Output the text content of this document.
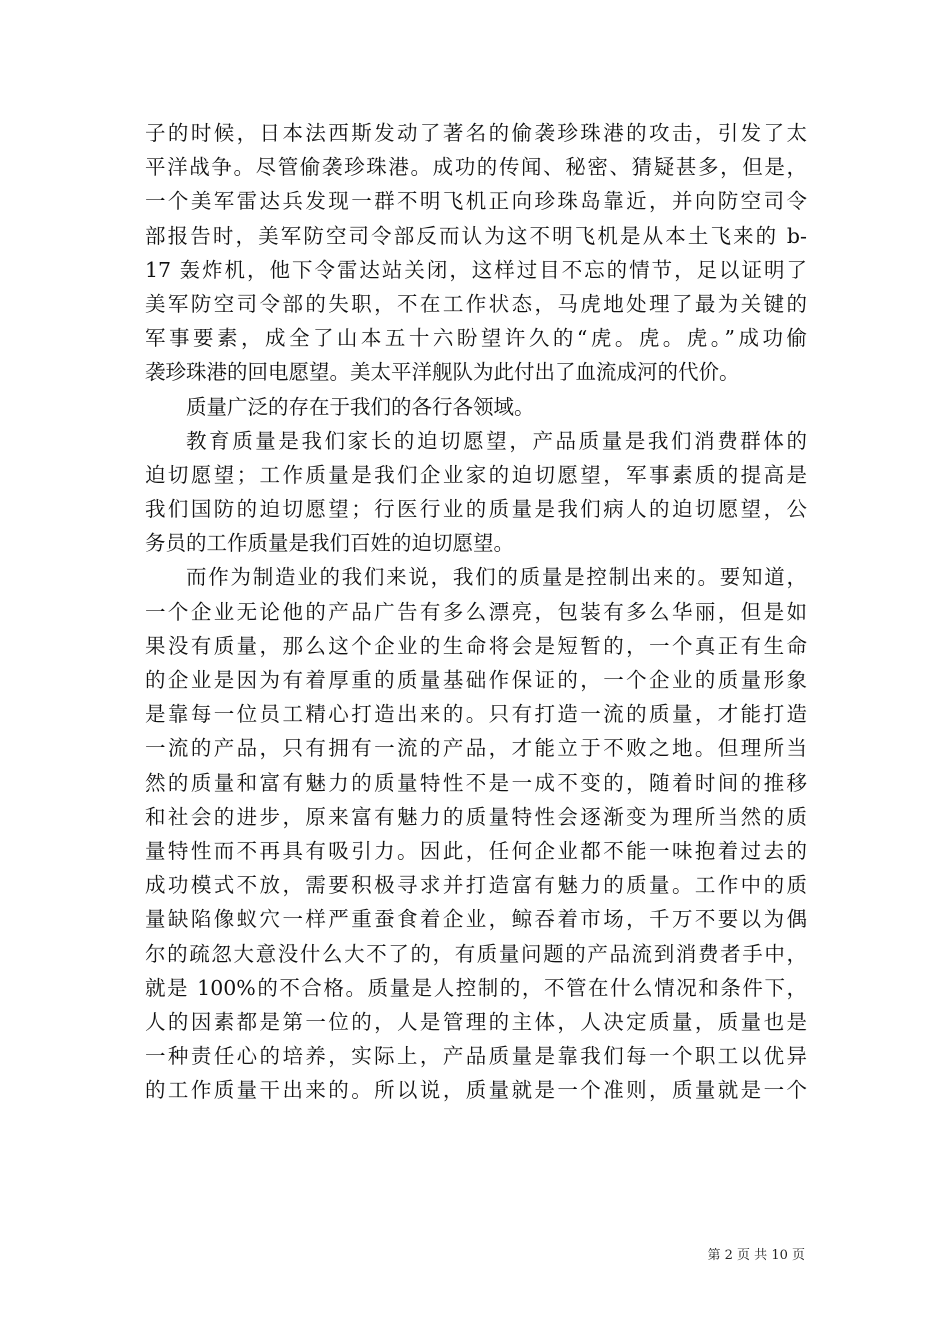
子的时候，日本法西斯发动了著名的偷袭珍珠港的攻击，引发了太
平洋战争。尽管偷袭珍珠港。成功的传闻、秘密、猜疑甚多，但是，
一个美军雷达兵发现一群不明飞机正向珍珠岛靠近，并向防空司令
部报告时，美军防空司令部反而认为这不明飞机是从本土飞来的 b-
17 轰炸机，他下令雷达站关闭，这样过目不忘的情节，足以证明了
美军防空司令部的失职，不在工作状态，马虎地处理了最为关键的
军事要素，成全了山本五十六盼望许久的“虎。虎。虎。”成功偷
袭珍珠港的回电愿望。美太平洋舰队为此付出了血流成河的代价。
质量广泛的存在于我们的各行各领域。
教育质量是我们家长的迫切愿望，产品质量是我们消费群体的
迫切愿望；工作质量是我们企业家的迫切愿望，军事素质的提高是
我们国防的迫切愿望；行医行业的质量是我们病人的迫切愿望，公
务员的工作质量是我们百姓的迫切愿望。
而作为制造业的我们来说，我们的质量是控制出来的。要知道，
一个企业无论他的产品广告有多么漂亮，包装有多么华丽，但是如
果没有质量，那么这个企业的生命将会是短暂的，一个真正有生命
的企业是因为有着厚重的质量基础作保证的，一个企业的质量形象
是靠每一位员工精心打造出来的。只有打造一流的质量，才能打造
一流的产品，只有拥有一流的产品，才能立于不败之地。但理所当
然的质量和富有魅力的质量特性不是一成不变的，随着时间的推移
和社会的进步，原来富有魅力的质量特性会逐渐变为理所当然的质
量特性而不再具有吸引力。因此，任何企业都不能一味抱着过去的
成功模式不放，需要积极寻求并打造富有魅力的质量。工作中的质
量缺陷像蚁穴一样严重蚕食着企业，鲸吞着市场，千万不要以为偶
尔的疏忽大意没什么大不了的，有质量问题的产品流到消费者手中，
就是 100%的不合格。质量是人控制的，不管在什么情况和条件下，
人的因素都是第一位的，人是管理的主体，人决定质量，质量也是
一种责任心的培养，实际上，产品质量是靠我们每一个职工以优异
的工作质量干出来的。所以说，质量就是一个准则，质量就是一个
第 2 页 共 10 页
